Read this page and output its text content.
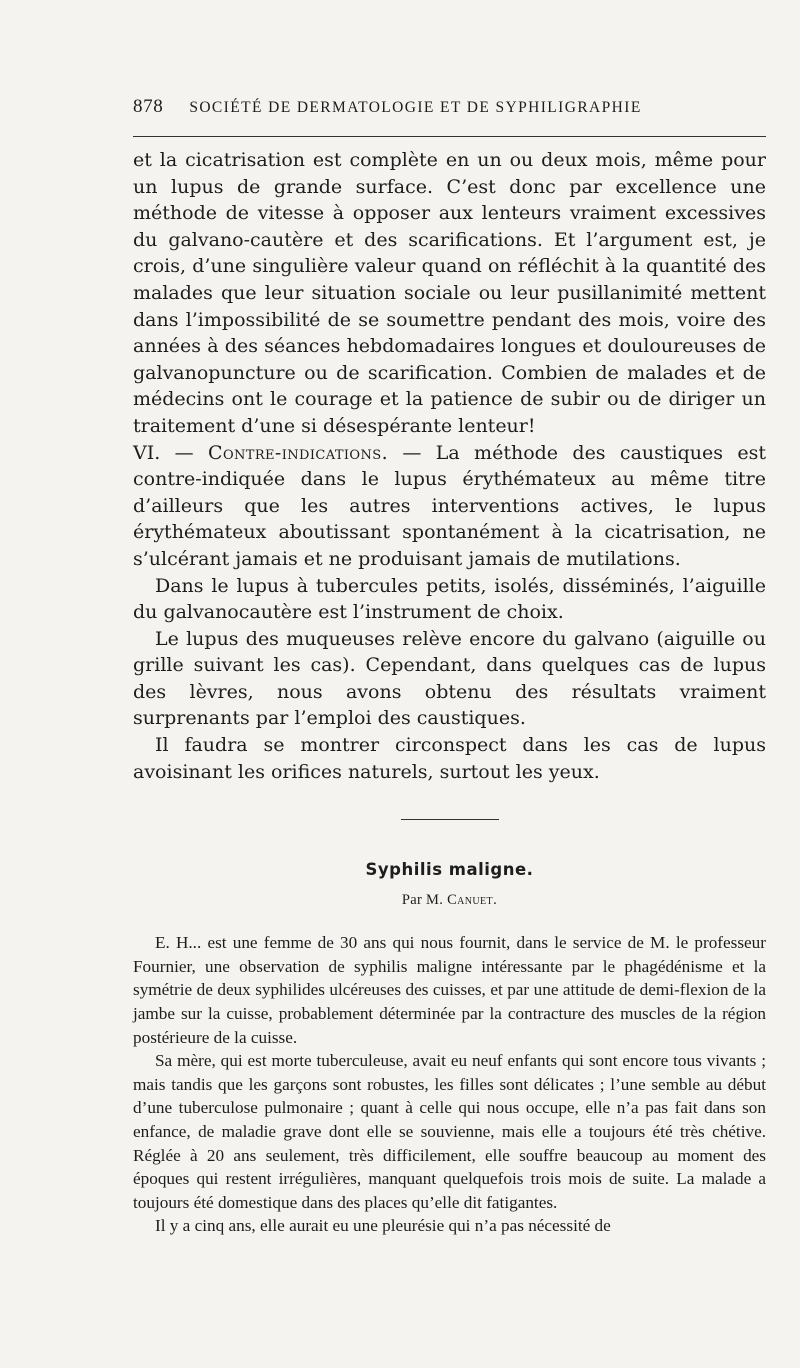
878 SOCIÉTÉ DE DERMATOLOGIE ET DE SYPHILIGRAPHIE

et la cicatrisation est complète en un ou deux mois, même pour un lupus de grande surface. C’est donc par excellence une méthode de vitesse à opposer aux lenteurs vraiment excessives du galvano-cautère et des scarifications. Et l’argument est, je crois, d’une singulière valeur quand on réfléchit à la quantité des malades que leur situation sociale ou leur pusillanimité mettent dans l’impossibilité de se soumettre pendant des mois, voire des années à des séances hebdomadaires longues et douloureuses de galvanopuncture ou de scarification. Combien de malades et de médecins ont le courage et la patience de subir ou de diriger un traitement d’une si désespérante lenteur!

VI. — Contre-indications. — La méthode des caustiques est contre-indiquée dans le lupus érythémateux au même titre d’ailleurs que les autres interventions actives, le lupus érythémateux aboutissant spontanément à la cicatrisation, ne s’ulcérant jamais et ne produisant jamais de mutilations.

Dans le lupus à tubercules petits, isolés, disséminés, l’aiguille du galvanocautère est l’instrument de choix.

Le lupus des muqueuses relève encore du galvano (aiguille ou grille suivant les cas). Cependant, dans quelques cas de lupus des lèvres, nous avons obtenu des résultats vraiment surprenants par l’emploi des caustiques.

Il faudra se montrer circonspect dans les cas de lupus avoisinant les orifices naturels, surtout les yeux.

Syphilis maligne.
Par M. Canuet.

E. H... est une femme de 30 ans qui nous fournit, dans le service de M. le professeur Fournier, une observation de syphilis maligne intéressante par le phagédénisme et la symétrie de deux syphilides ulcéreuses des cuisses, et par une attitude de demi-flexion de la jambe sur la cuisse, probablement déterminée par la contracture des muscles de la région postérieure de la cuisse.

Sa mère, qui est morte tuberculeuse, avait eu neuf enfants qui sont encore tous vivants ; mais tandis que les garçons sont robustes, les filles sont délicates ; l’une semble au début d’une tuberculose pulmonaire ; quant à celle qui nous occupe, elle n’a pas fait dans son enfance, de maladie grave dont elle se souvienne, mais elle a toujours été très chétive. Réglée à 20 ans seulement, très difficilement, elle souffre beaucoup au moment des époques qui restent irrégulières, manquant quelquefois trois mois de suite. La malade a toujours été domestique dans des places qu’elle dit fatigantes.

Il y a cinq ans, elle aurait eu une pleurésie qui n’a pas nécessité de
